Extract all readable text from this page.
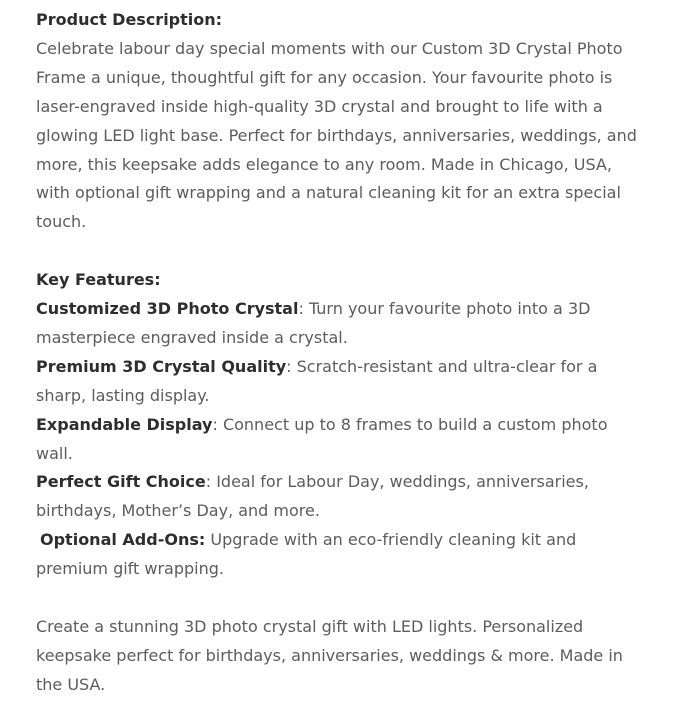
Product Description:

Celebrate labour day special moments with our Custom 3D Crystal Photo Frame a unique, thoughtful gift for any occasion. Your favourite photo is laser-engraved inside high-quality 3D crystal and brought to life with a glowing LED light base. Perfect for birthdays, anniversaries, weddings, and more, this keepsake adds elegance to any room. Made in Chicago, USA, with optional gift wrapping and a natural cleaning kit for an extra special touch.

Key Features:

Customized 3D Photo Crystal: Turn your favourite photo into a 3D masterpiece engraved inside a crystal.

Premium 3D Crystal Quality: Scratch-resistant and ultra-clear for a sharp, lasting display.

Expandable Display: Connect up to 8 frames to build a custom photo wall.

Perfect Gift Choice: Ideal for Labour Day, weddings, anniversaries, birthdays, Mother’s Day, and more.

Optional Add-Ons: Upgrade with an eco-friendly cleaning kit and premium gift wrapping.

Create a stunning 3D photo crystal gift with LED lights. Personalized keepsake perfect for birthdays, anniversaries, weddings & more. Made in the USA.
